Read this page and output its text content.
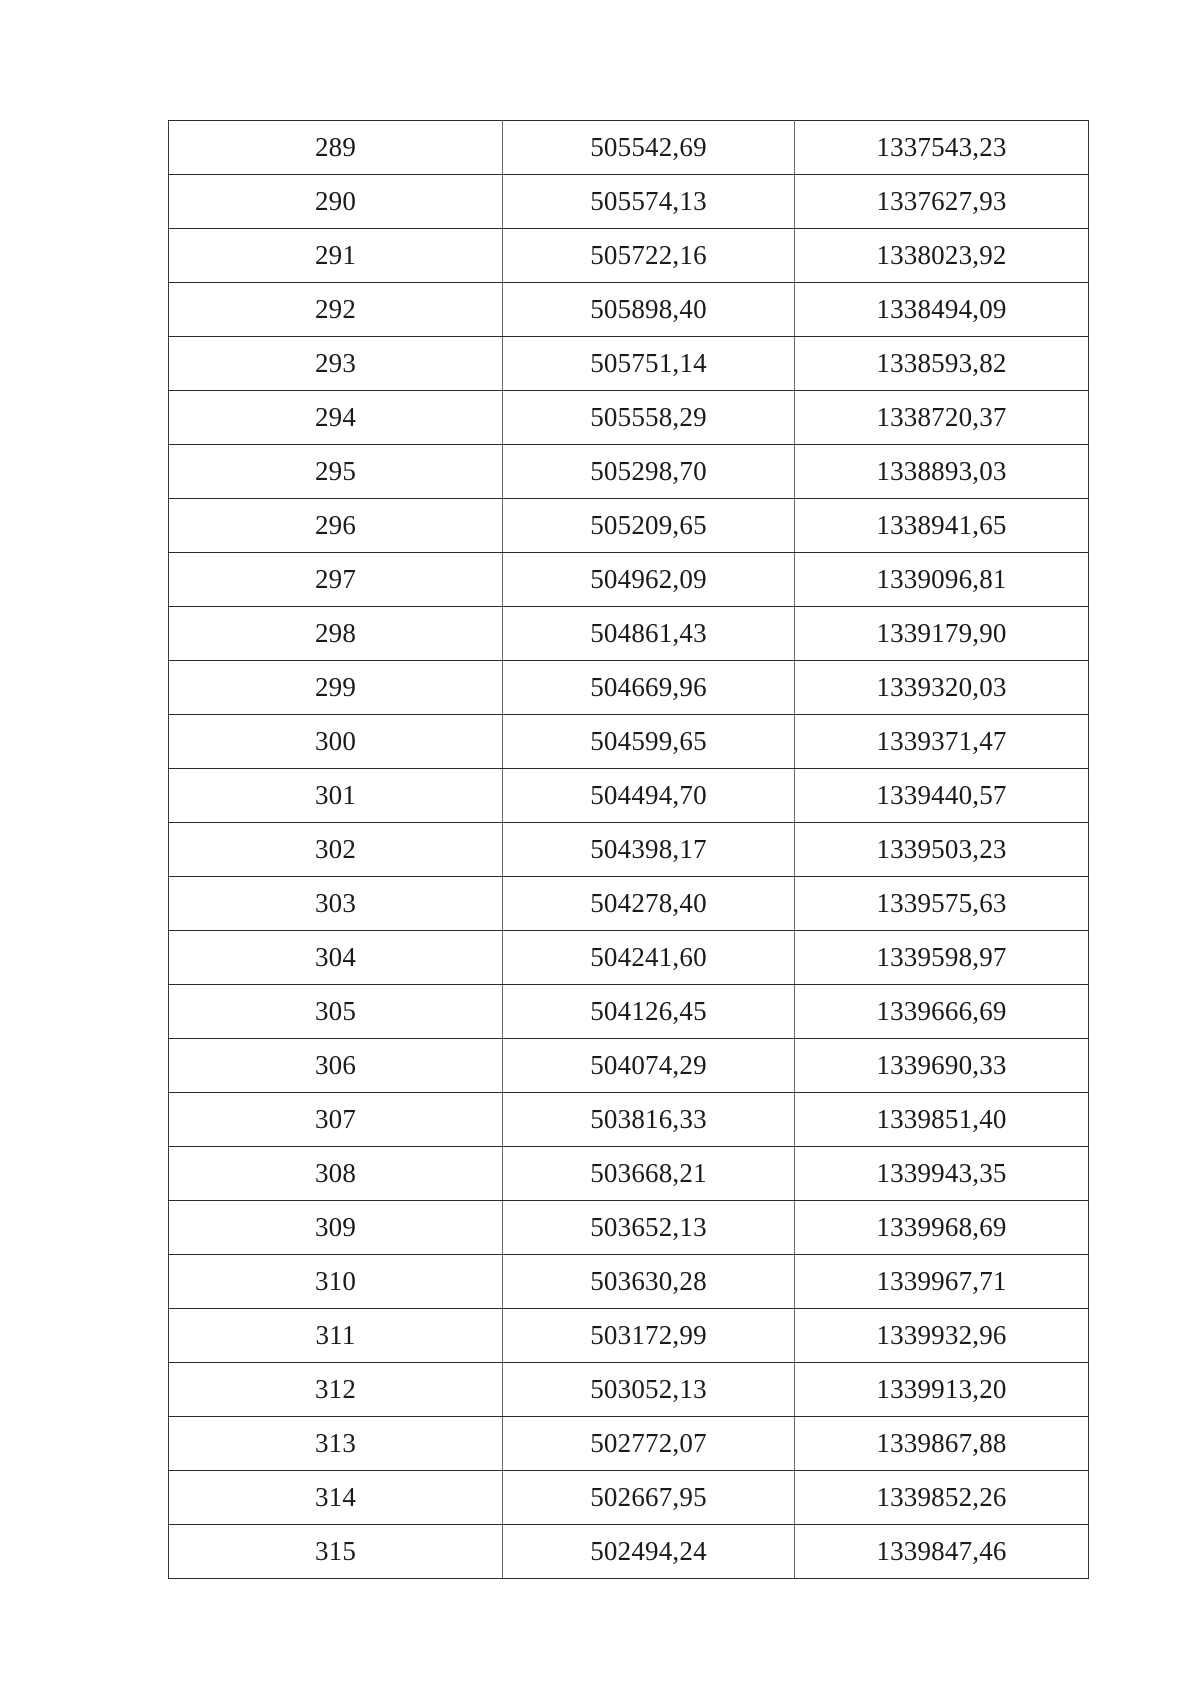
289	505542,69	1337543,23
290	505574,13	1337627,93
291	505722,16	1338023,92
292	505898,40	1338494,09
293	505751,14	1338593,82
294	505558,29	1338720,37
295	505298,70	1338893,03
296	505209,65	1338941,65
297	504962,09	1339096,81
298	504861,43	1339179,90
299	504669,96	1339320,03
300	504599,65	1339371,47
301	504494,70	1339440,57
302	504398,17	1339503,23
303	504278,40	1339575,63
304	504241,60	1339598,97
305	504126,45	1339666,69
306	504074,29	1339690,33
307	503816,33	1339851,40
308	503668,21	1339943,35
309	503652,13	1339968,69
310	503630,28	1339967,71
311	503172,99	1339932,96
312	503052,13	1339913,20
313	502772,07	1339867,88
314	502667,95	1339852,26
315	502494,24	1339847,46
